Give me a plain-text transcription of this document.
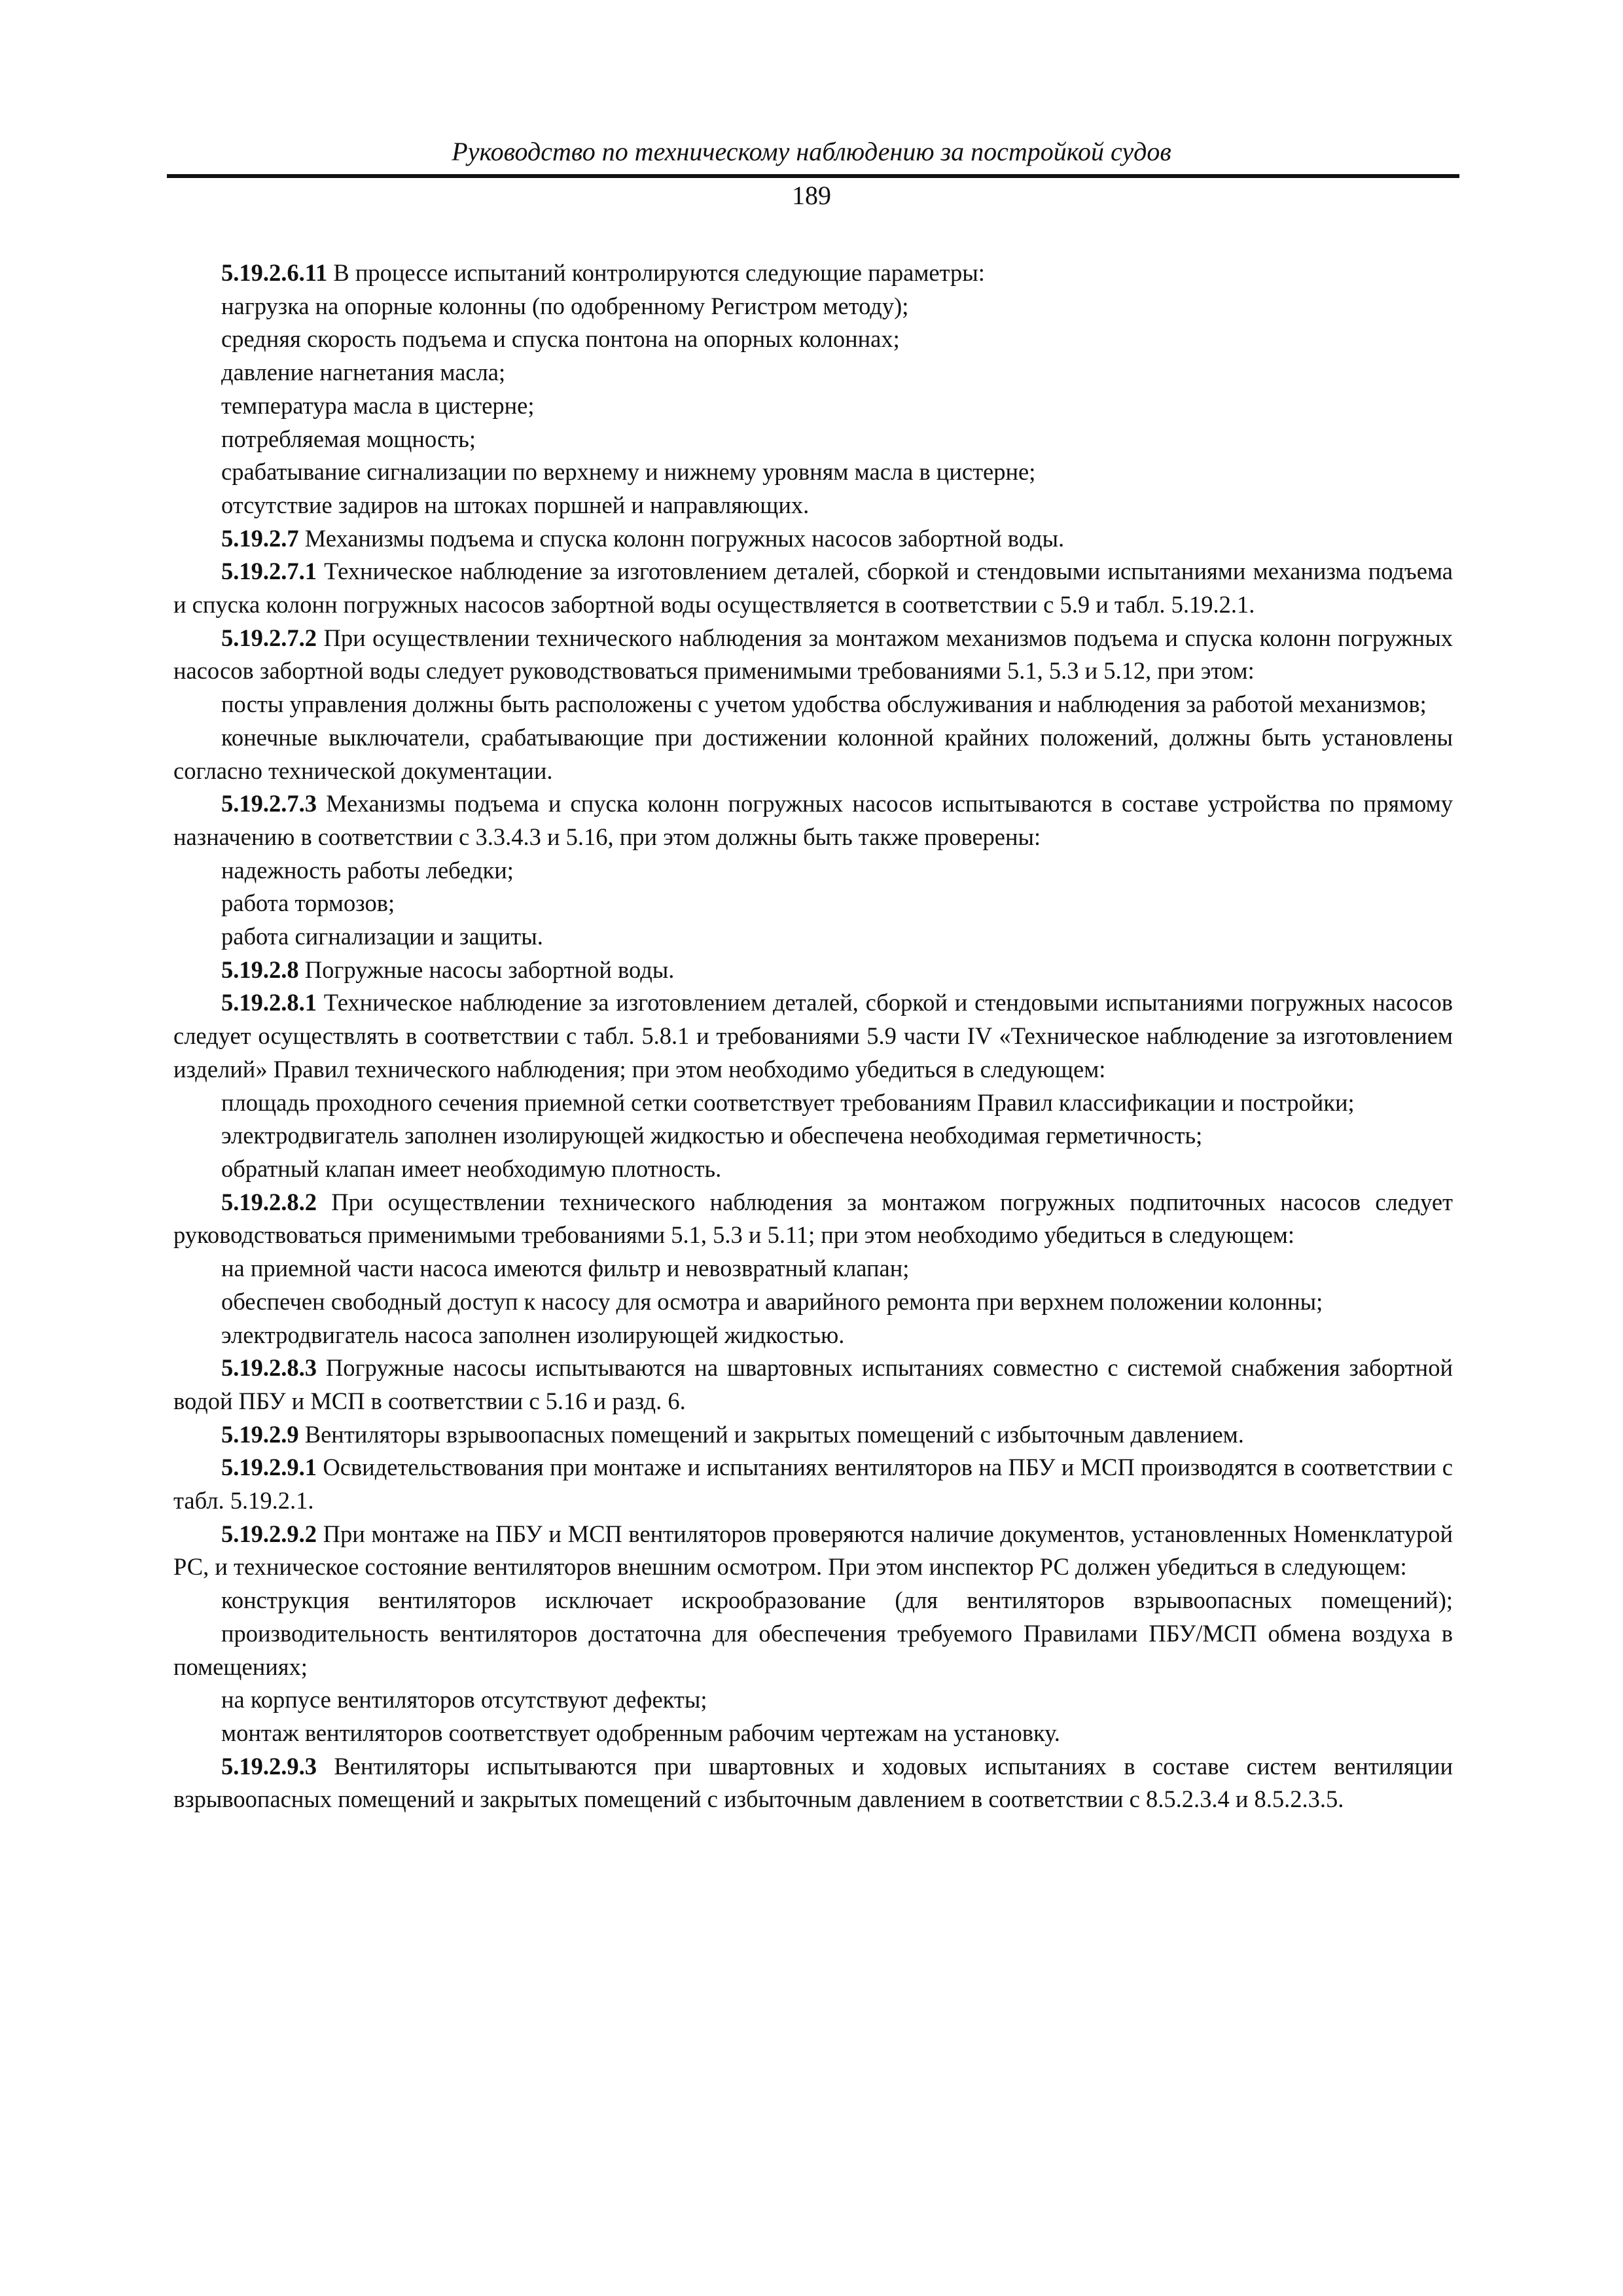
Руководство по техническому наблюдению за постройкой судов
189

5.19.2.6.11 В процессе испытаний контролируются следующие параметры:

нагрузка на опорные колонны (по одобренному Регистром методу);

средняя скорость подъема и спуска понтона на опорных колоннах;

давление нагнетания масла;

температура масла в цистерне;

потребляемая мощность;

срабатывание сигнализации по верхнему и нижнему уровням масла в цистерне;

отсутствие задиров на штоках поршней и направляющих.

5.19.2.7 Механизмы подъема и спуска колонн погружных насосов забортной воды.

5.19.2.7.1 Техническое наблюдение за изготовлением деталей, сборкой и стендовыми испытаниями механизма подъема и спуска колонн погружных насосов забортной воды осуществляется в соответствии с 5.9 и табл. 5.19.2.1.

5.19.2.7.2 При осуществлении технического наблюдения за монтажом механизмов подъема и спуска колонн погружных насосов забортной воды следует руководствоваться применимыми требованиями 5.1, 5.3 и 5.12, при этом:

посты управления должны быть расположены с учетом удобства обслуживания и наблюдения за работой механизмов;

конечные выключатели, срабатывающие при достижении колонной крайних положений, должны быть установлены согласно технической документации.

5.19.2.7.3 Механизмы подъема и спуска колонн погружных насосов испытываются в составе устройства по прямому назначению в соответствии с 3.3.4.3 и 5.16, при этом должны быть также проверены:

надежность работы лебедки;

работа тормозов;

работа сигнализации и защиты.

5.19.2.8 Погружные насосы забортной воды.

5.19.2.8.1 Техническое наблюдение за изготовлением деталей, сборкой и стендовыми испытаниями погружных насосов следует осуществлять в соответствии с табл. 5.8.1 и требованиями 5.9 части IV «Техническое наблюдение за изготовлением изделий» Правил технического наблюдения; при этом необходимо убедиться в следующем:

площадь проходного сечения приемной сетки соответствует требованиям Правил классификации и постройки;

электродвигатель заполнен изолирующей жидкостью и обеспечена необходимая герметичность;

обратный клапан имеет необходимую плотность.

5.19.2.8.2 При осуществлении технического наблюдения за монтажом погружных подпиточных насосов следует руководствоваться применимыми требованиями 5.1, 5.3 и 5.11; при этом необходимо убедиться в следующем:

на приемной части насоса имеются фильтр и невозвратный клапан;

обеспечен свободный доступ к насосу для осмотра и аварийного ремонта при верхнем положении колонны;

электродвигатель насоса заполнен изолирующей жидкостью.

5.19.2.8.3 Погружные насосы испытываются на швартовных испытаниях совместно с системой снабжения забортной водой ПБУ и МСП в соответствии с 5.16 и разд. 6.

5.19.2.9 Вентиляторы взрывоопасных помещений и закрытых помещений с избыточным давлением.

5.19.2.9.1 Освидетельствования при монтаже и испытаниях вентиляторов на ПБУ и МСП производятся в соответствии с табл. 5.19.2.1.

5.19.2.9.2 При монтаже на ПБУ и МСП вентиляторов проверяются наличие документов, установленных Номенклатурой РС, и техническое состояние вентиляторов внешним осмотром. При этом инспектор РС должен убедиться в следующем:

конструкция вентиляторов исключает искрообразование (для вентиляторов взрывоопасных помещений);

производительность вентиляторов достаточна для обеспечения требуемого Правилами ПБУ/МСП обмена воздуха в помещениях;

на корпусе вентиляторов отсутствуют дефекты;

монтаж вентиляторов соответствует одобренным рабочим чертежам на установку.

5.19.2.9.3 Вентиляторы испытываются при швартовных и ходовых испытаниях в составе систем вентиляции взрывоопасных помещений и закрытых помещений с избыточным давлением в соответствии с 8.5.2.3.4 и 8.5.2.3.5.
